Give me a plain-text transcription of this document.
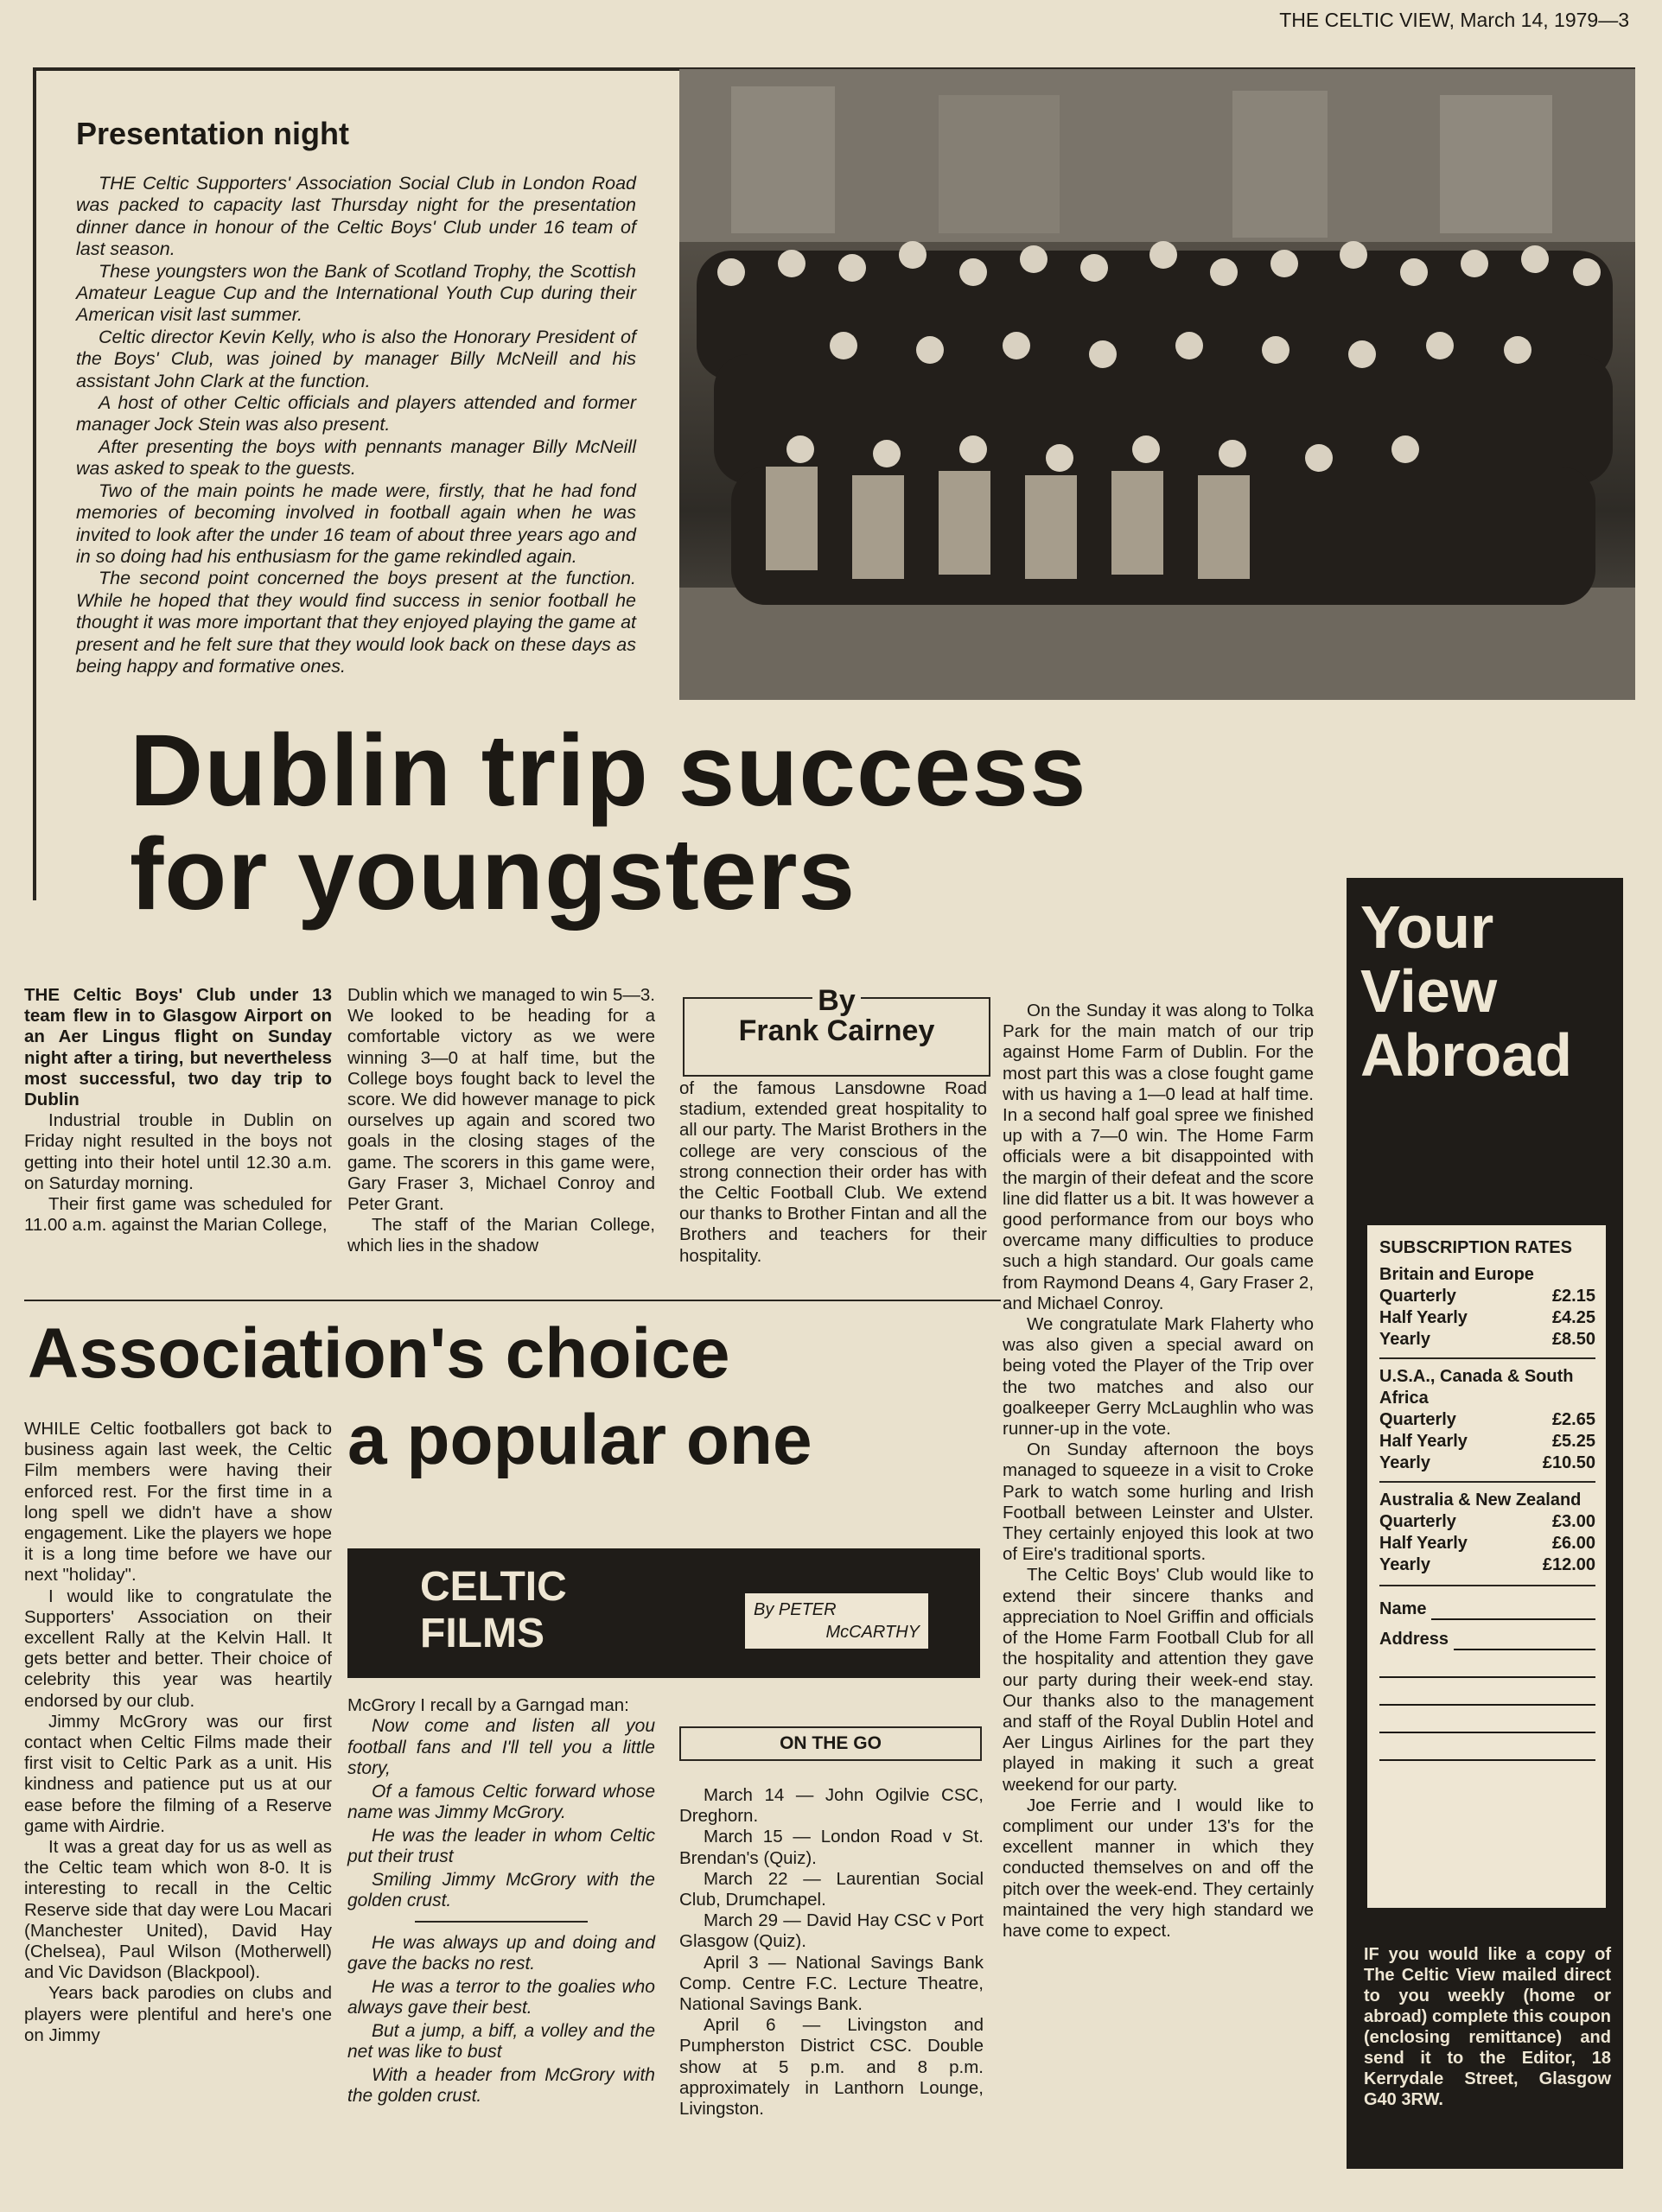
THE CELTIC VIEW, March 14, 1979—3
Presentation night

THE Celtic Supporters' Association Social Club in London Road was packed to capacity last Thursday night for the presentation dinner dance in honour of the Celtic Boys' Club under 16 team of last season.

These youngsters won the Bank of Scotland Trophy, the Scottish Amateur League Cup and the International Youth Cup during their American visit last summer.

Celtic director Kevin Kelly, who is also the Honorary President of the Boys' Club, was joined by manager Billy McNeill and his assistant John Clark at the function.

A host of other Celtic officials and players attended and former manager Jock Stein was also present.

After presenting the boys with pennants manager Billy McNeill was asked to speak to the guests.

Two of the main points he made were, firstly, that he had fond memories of becoming involved in football again when he was invited to look after the under 16 team of about three years ago and in so doing had his enthusiasm for the game rekindled again.

The second point concerned the boys present at the function. While he hoped that they would find success in senior football he thought it was more important that they enjoyed playing the game at present and he felt sure that they would look back on these days as being happy and formative ones.

Dublin trip success
for youngsters

THE Celtic Boys' Club under 13 team flew in to Glasgow Airport on an Aer Lingus flight on Sunday night after a tiring, but nevertheless most successful, two day trip to Dublin

Industrial trouble in Dublin on Friday night resulted in the boys not getting into their hotel until 12.30 a.m. on Saturday morning.

Their first game was scheduled for 11.00 a.m. against the Marian College,

Dublin which we managed to win 5—3. We looked to be heading for a comfortable victory as we were winning 3—0 at half time, but the College boys fought back to level the score. We did however manage to pick ourselves up again and scored two goals in the closing stages of the game. The scorers in this game were, Gary Fraser 3, Michael Conroy and Peter Grant.

The staff of the Marian College, which lies in the shadow

By
Frank Cairney

of the famous Lansdowne Road stadium, extended great hospitality to all our party. The Marist Brothers in the college are very conscious of the strong connection their order has with the Celtic Football Club. We extend our thanks to Brother Fintan and all the Brothers and teachers for their hospitality.

On the Sunday it was along to Tolka Park for the main match of our trip against Home Farm of Dublin. For the most part this was a close fought game with us having a 1—0 lead at half time. In a second half goal spree we finished up with a 7—0 win. The Home Farm officials were a bit disappointed with the margin of their defeat and the score line did flatter us a bit. It was however a good performance from our boys who overcame many difficulties to produce such a high standard. Our goals came from Raymond Deans 4, Gary Fraser 2, and Michael Conroy.

We congratulate Mark Flaherty who was also given a special award on being voted the Player of the Trip over the two matches and also our goalkeeper Gerry McLaughlin who was runner-up in the vote.

On Sunday afternoon the boys managed to squeeze in a visit to Croke Park to watch some hurling and Irish Football between Leinster and Ulster. They certainly enjoyed this look at two of Eire's traditional sports.

The Celtic Boys' Club would like to extend their sincere thanks and appreciation to Noel Griffin and officials of the Home Farm Football Club for all the hospitality and attention they gave our party during their week-end stay. Our thanks also to the management and staff of the Royal Dublin Hotel and Aer Lingus Airlines for the part they played in making it such a great weekend for our party.

Joe Ferrie and I would like to compliment our under 13's for the excellent manner in which they conducted themselves on and off the pitch over the week-end. They certainly maintained the very high standard we have come to expect.

Association's choice
a popular one

WHILE Celtic footballers got back to business again last week, the Celtic Film members were having their enforced rest. For the first time in a long spell we didn't have a show engagement. Like the players we hope it is a long time before we have our next "holiday".

I would like to congratulate the Supporters' Association on their excellent Rally at the Kelvin Hall. It gets better and better. Their choice of celebrity this year was heartily endorsed by our club.

Jimmy McGrory was our first contact when Celtic Films made their first visit to Celtic Park as a unit. His kindness and patience put us at our ease before the filming of a Reserve game with Airdrie.

It was a great day for us as well as the Celtic team which won 8-0. It is interesting to recall in the Celtic Reserve side that day were Lou Macari (Manchester United), David Hay (Chelsea), Paul Wilson (Motherwell) and Vic Davidson (Blackpool).

Years back parodies on clubs and players were plentiful and here's one on Jimmy

CELTIC
FILMS
By PETER
McCARTHY

McGrory I recall by a Garngad man:

Now come and listen all you football fans and I'll tell you a little story,

Of a famous Celtic forward whose name was Jimmy McGrory.

He was the leader in whom Celtic put their trust

Smiling Jimmy McGrory with the golden crust.

He was always up and doing and gave the backs no rest.

He was a terror to the goalies who always gave their best.

But a jump, a biff, a volley and the net was like to bust

With a header from McGrory with the golden crust.

ON THE GO

March 14 — John Ogilvie CSC, Dreghorn.

March 15 — London Road v St. Brendan's (Quiz).

March 22 — Laurentian Social Club, Drumchapel.

March 29 — David Hay CSC v Port Glasgow (Quiz).

April 3 — National Savings Bank Comp. Centre F.C. Lecture Theatre, National Savings Bank.

April 6 — Livingston and Pumpherston District CSC. Double show at 5 p.m. and 8 p.m. approximately in Lanthorn Lounge, Livingston.

Your
View
Abroad
SUBSCRIPTION RATES
Britain and Europe
Quarterly	£2.15
Half Yearly	£4.25
Yearly	£8.50
U.S.A., Canada & South Africa
Quarterly	£2.65
Half Yearly	£5.25
Yearly	£10.50
Australia & New Zealand
Quarterly	£3.00
Half Yearly	£6.00
Yearly	£12.00
Name
Address
IF you would like a copy of The Celtic View mailed direct to you weekly (home or abroad) complete this coupon (enclosing remittance) and send it to the Editor, 18 Kerrydale Street, Glasgow G40 3RW.
